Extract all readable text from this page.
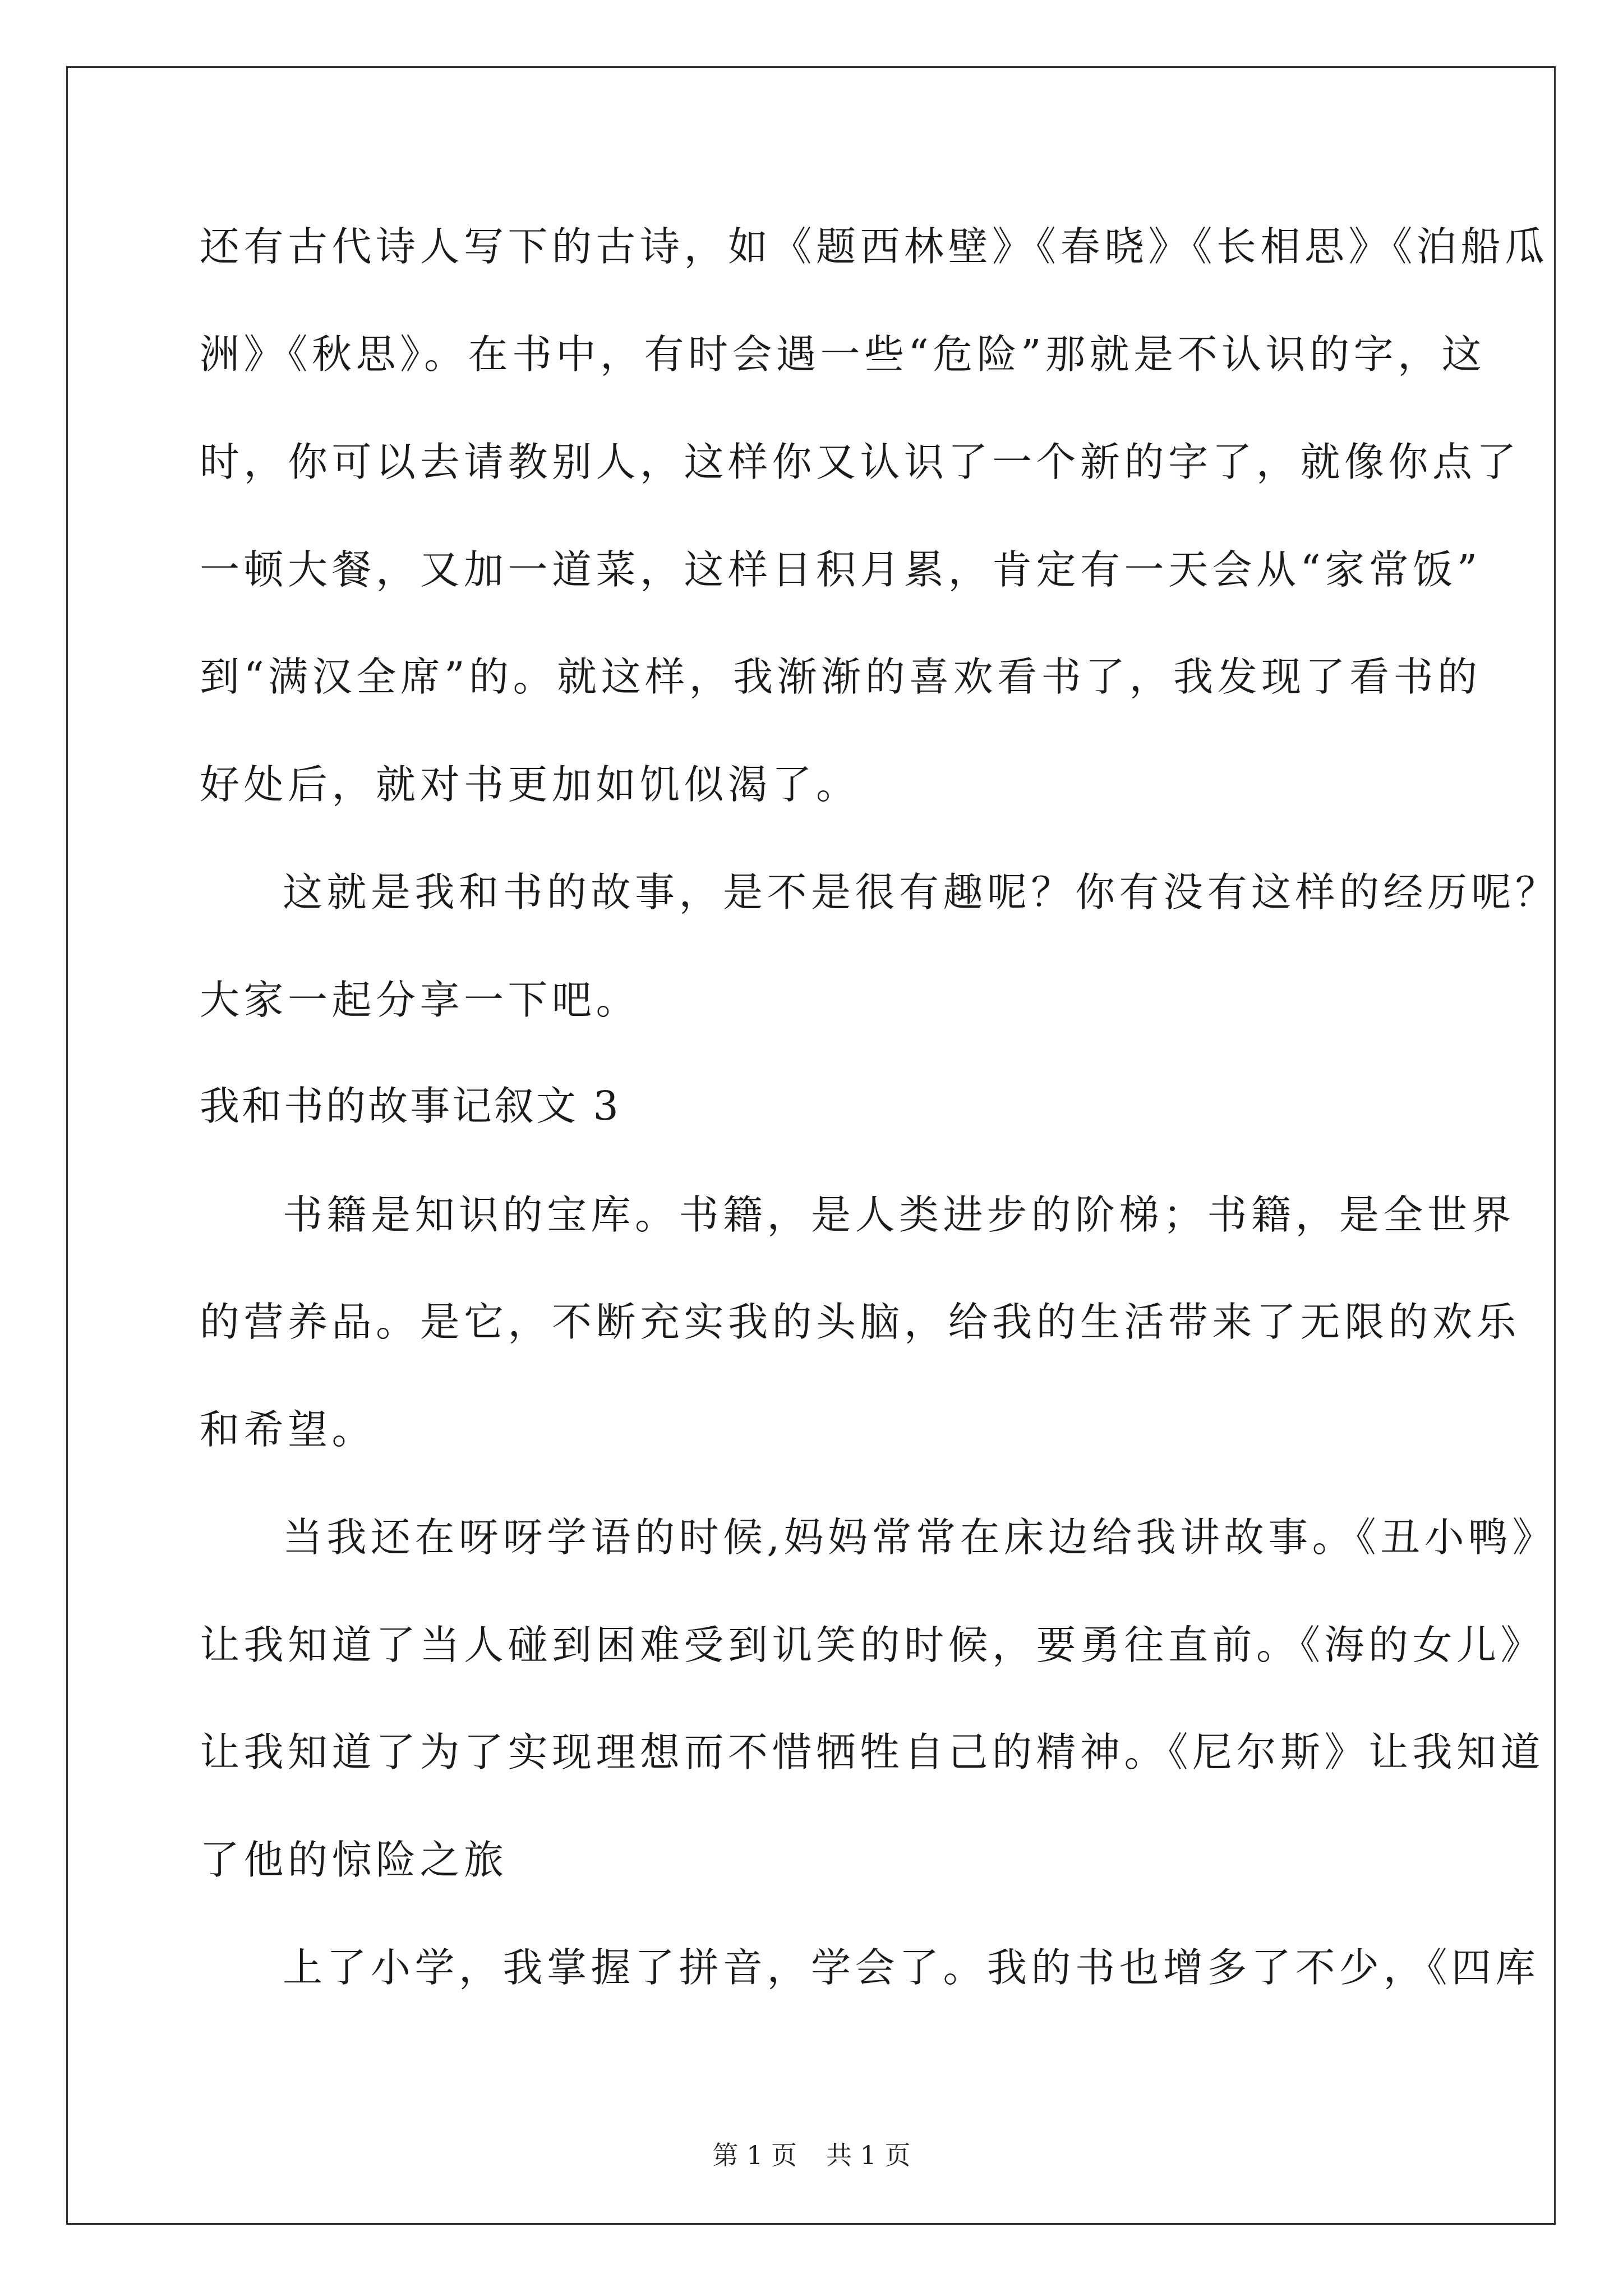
还有古代诗人写下的古诗，如《题西林壁》《春晓》《长相思》《泊船瓜
洲》《秋思》。在书中，有时会遇一些“危险”那就是不认识的字，这
时，你可以去请教别人，这样你又认识了一个新的字了，就像你点了
一顿大餐，又加一道菜，这样日积月累，肯定有一天会从“家常饭”
到“满汉全席”的。就这样，我渐渐的喜欢看书了，我发现了看书的
好处后，就对书更加如饥似渴了。
这就是我和书的故事，是不是很有趣呢？你有没有这样的经历呢？
大家一起分享一下吧。
我和书的故事记叙文 3
书籍是知识的宝库。书籍，是人类进步的阶梯；书籍，是全世界
的营养品。是它，不断充实我的头脑，给我的生活带来了无限的欢乐
和希望。
当我还在呀呀学语的时候,妈妈常常在床边给我讲故事。《丑小鸭》
让我知道了当人碰到困难受到讥笑的时候，要勇往直前。《海的女儿》
让我知道了为了实现理想而不惜牺牲自己的精神。《尼尔斯》让我知道
了他的惊险之旅
上了小学，我掌握了拼音，学会了。我的书也增多了不少，《四库
第 1 页 共 1 页
